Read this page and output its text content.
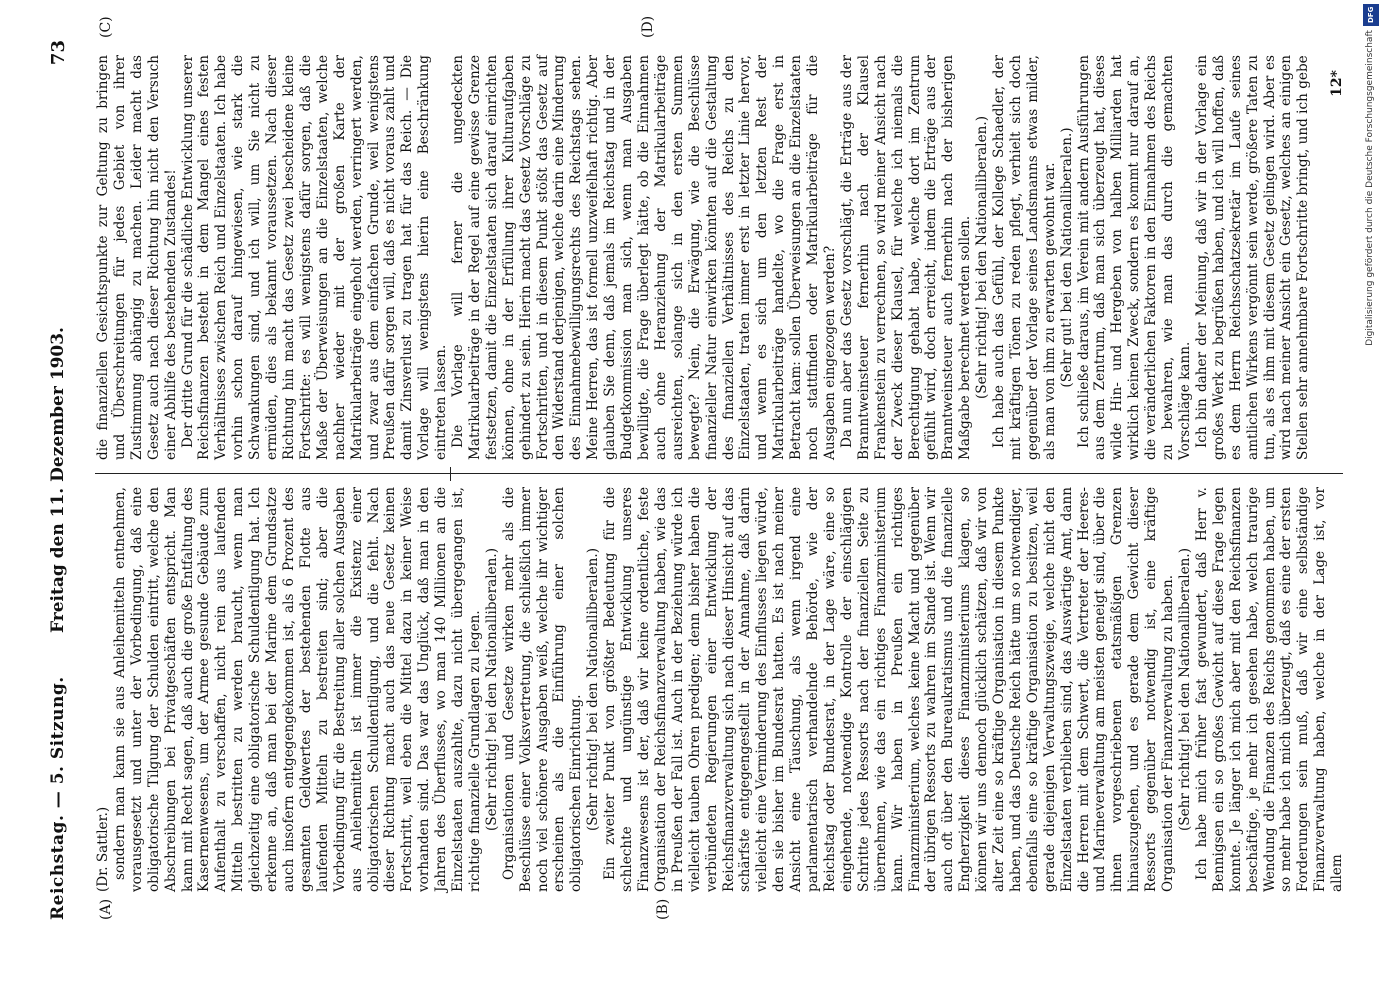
Reichstag. — 5. Sitzung.
Freitag den 11. Dezember 1903.
73
(A)	(B)
(C)	(D)

(Dr. Sattler.) sondern man kann sie aus Anleihemitteln entnehmen, vorausgesetzt und unter der Vorbedingung, daß eine obligatorische Tilgung der Schulden eintritt, welche den Abschreibungen bei Privatgeschäften entspricht. Man kann mit Recht sagen, daß auch die große Entfaltung des Kasernenwesens, um der Armee gesunde Gebäude zum Aufenthalt zu verschaffen, nicht rein aus laufenden Mitteln bestritten zu werden braucht, wenn man gleichzeitig eine obligatorische Schuldentilgung hat. Ich erkenne an, daß man bei der Marine dem Grundsatze auch insofern entgegengekommen ist, als 6 Prozent des gesamten Geldwertes der bestehenden Flotte aus laufenden Mitteln zu bestreiten sind; aber die Vorbedingung für die Bestreitung aller solchen Ausgaben aus Anleihemitteln ist immer die Existenz einer obligatorischen Schuldentilgung, und die fehlt. Nach dieser Richtung macht auch das neue Gesetz keinen Fortschritt, weil eben die Mittel dazu in keiner Weise vorhanden sind. Das war das Unglück, daß man in den Jahren des Überflusses, wo man 140 Millionen an die Einzelstaaten auszahlte, dazu nicht übergegangen ist, richtige finanzielle Grundlagen zu legen. (Sehr richtig! bei den Nationalliberalen.) Organisationen und Gesetze wirken mehr als die Beschlüsse einer Volksvertretung, die schließlich immer noch viel schönere Ausgaben weiß, welche ihr wichtiger erscheinen als die Einführung einer solchen obligatorischen Einrichtung. (Sehr richtig! bei den Nationalliberalen.) Ein zweiter Punkt von größter Bedeutung für die schlechte und ungünstige Entwicklung unseres Finanzwesens ist der, daß wir keine ordentliche, feste Organisation der Reichsfinanzverwaltung haben, wie das in Preußen der Fall ist. Auch in der Beziehung würde ich vielleicht tauben Ohren predigen; denn bisher haben die verbündeten Regierungen einer Entwicklung der Reichsfinanzverwaltung sich nach dieser Hinsicht auf das schärfste entgegengestellt in der Annahme, daß darin vielleicht eine Verminderung des Einflusses liegen würde, den sie bisher im Bundesrat hatten. Es ist nach meiner Ansicht eine Täuschung, als wenn irgend eine parlamentarisch verhandelnde Behörde, wie der Reichstag oder Bundesrat, in der Lage wäre, eine so eingehende, notwendige Kontrolle der einschlägigen Schritte jedes Ressorts nach der finanziellen Seite zu übernehmen, wie das ein richtiges Finanzministerium kann. Wir haben in Preußen ein richtiges Finanzministerium, welches keine Macht und gegenüber der übrigen Ressorts zu wahren im Stande ist. Wenn wir auch oft über den Bureaukratismus und die finanzielle Engherzigkeit dieses Finanzministeriums klagen, so können wir uns dennoch glücklich schätzen, daß wir von alter Zeit eine so kräftige Organisation in diesem Punkte haben, und das Deutsche Reich hätte um so notwendiger, ebenfalls eine so kräftige Organisation zu besitzen, weil gerade diejenigen Verwaltungszweige, welche nicht den Einzelstaaten verblieben sind, das Auswärtige Amt, dann die Herren mit dem Schwert, die Vertreter der Heeres- und Marineverwaltung am meisten geneigt sind, über die ihnen vorgeschriebenen etatsmäßigen Grenzen hinauszugehen, und es gerade dem Gewicht dieser Ressorts gegenüber notwendig ist, eine kräftige Organisation der Finanzverwaltung zu haben. (Sehr richtig! bei den Nationalliberalen.) Ich habe mich früher fast gewundert, daß Herr v. Bennigsen ein so großes Gewicht auf diese Frage legen konnte. Je länger ich mich aber mit den Reichsfinanzen beschäftige, je mehr ich gesehen habe, welch traurige Wendung die Finanzen des Reichs genommen haben, um so mehr habe ich mich überzeugt, daß es eine der ersten Forderungen sein muß, daß wir eine selbständige Finanzverwaltung haben, welche in der Lage ist, vor allem

die finanziellen Gesichtspunkte zur Geltung zu bringen und Überschreitungen für jedes Gebiet von ihrer Zustimmung abhängig zu machen. Leider macht das Gesetz auch nach dieser Richtung hin nicht den Versuch einer Abhilfe des bestehenden Zustandes! Der dritte Grund für die schädliche Entwicklung unserer Reichsfinanzen besteht in dem Mangel eines festen Verhältnisses zwischen Reich und Einzelstaaten. Ich habe vorhin schon darauf hingewiesen, wie stark die Schwankungen sind, und ich will, um Sie nicht zu ermüden, dies als bekannt voraussetzen. Nach dieser Richtung hin macht das Gesetz zwei bescheidene kleine Fortschritte: es will wenigstens dafür sorgen, daß die Maße der Überweisungen an die Einzelstaaten, welche nachher wieder mit der großen Karte der Matrikularbeiträge eingeholt werden, verringert werden, und zwar aus dem einfachen Grunde, weil wenigstens Preußen dafür sorgen will, daß es nicht voraus zahlt und damit Zinsverlust zu tragen hat für das Reich. — Die Vorlage will wenigstens hierin eine Beschränkung eintreten lassen. Die Vorlage will ferner die ungedeckten Matrikularbeiträge in der Regel auf eine gewisse Grenze festsetzen, damit die Einzelstaaten sich darauf einrichten können, ohne in der Erfüllung ihrer Kulturaufgaben gehindert zu sein. Hierin macht das Gesetz Vorschläge zu Fortschritten, und in diesem Punkt stößt das Gesetz auf den Widerstand derjenigen, welche darin eine Minderung des Einnahmebewilligungsrechts des Reichstags sehen. Meine Herren, das ist formell unzweifelhaft richtig. Aber glauben Sie denn, daß jemals im Reichstag und in der Budgetkommission man sich, wenn man Ausgaben bewilligte, die Frage überlegt hätte, ob die Einnahmen auch ohne Heranziehung der Matrikularbeiträge ausreichten, solange sich in den ersten Summen bewegte? Nein, die Erwägung, wie die Beschlüsse finanzieller Natur einwirken könnten auf die Gestaltung des finanziellen Verhältnisses des Reichs zu den Einzelstaaten, traten immer erst in letzter Linie hervor, und wenn es sich um den letzten Rest der Matrikularbeiträge handelte, wo die Frage erst in Betracht kam: sollen Überweisungen an die Einzelstaaten noch stattfinden oder Matrikularbeiträge für die Ausgaben eingezogen werden? Da nun aber das Gesetz vorschlägt, die Erträge aus der Branntweinsteuer fernerhin nach der Klausel Frankenstein zu verrechnen, so wird meiner Ansicht nach der Zweck dieser Klausel, für welche ich niemals die Berechtigung gehabt habe, welche dort im Zentrum gefühlt wird, doch erreicht, indem die Erträge aus der Branntweinsteuer auch fernerhin nach der bisherigen Maßgabe berechnet werden sollen. (Sehr richtig! bei den Nationalliberalen.) Ich habe auch das Gefühl, der Kollege Schaedler, der mit kräftigen Tönen zu reden pflegt, verhielt sich doch gegenüber der Vorlage seines Landsmanns etwas milder, als man von ihm zu erwarten gewohnt war. (Sehr gut! bei den Nationalliberalen.) Ich schließe daraus, im Verein mit andern Ausführungen aus dem Zentrum, daß man sich überzeugt hat, dieses wilde Hin- und Hergeben von halben Milliarden hat wirklich keinen Zweck, sondern es kommt nur darauf an, die veränderlichen Faktoren in den Einnahmen des Reichs zu bewahren, wie man das durch die gemachten Vorschläge kann. Ich bin daher der Meinung, daß wir in der Vorlage ein großes Werk zu begrüßen haben, und ich will hoffen, daß es dem Herrn Reichsschatzsekretär im Laufe seines amtlichen Wirkens vergönnt sein werde, größere Taten zu tun, als es ihm mit diesem Gesetz gelingen wird. Aber es wird nach meiner Ansicht ein Gesetz, welches an einigen Stellen sehr annehmbare Fortschritte bringt, und ich gebe 12*	Digitalisierung gefördert durch die Deutsche Forschungsgemeinschaft
DFG
